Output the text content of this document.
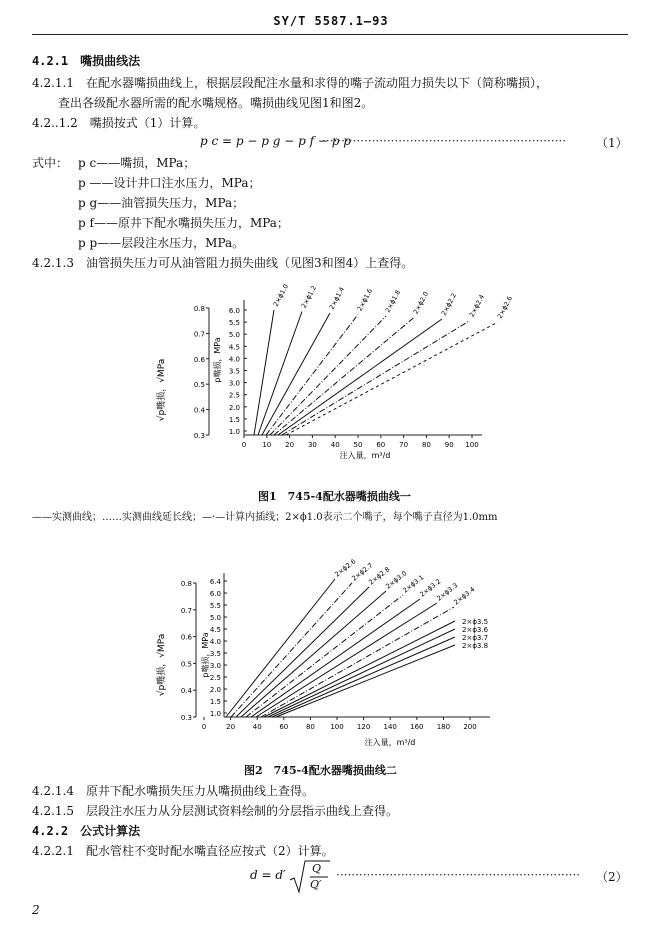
SY/T 5587.1—93
4.2.1　嘴损曲线法
4.2.1.1　在配水器嘴损曲线上，根据层段配注水量和求得的嘴子流动阻力损失以下（简称嘴损），
查出各级配水器所需的配水嘴规格。嘴损曲线见图1和图2。
4.2..1.2　嘴损按式（1）计算。
p c = p − p g − p f − p p
································································	（1）
式中： p c——嘴损，MPa；
p ——设计井口注水压力，MPa；
p g——油管损失压力，MPa；
p f——原井下配水嘴损失压力，MPa；
p p——层段注水压力，MPa。
4.2.1.3　油管损失压力可从油管阻力损失曲线（见图3和图4）上查得。
√p嘴损，√MPa	p嘴损，MPa
注入量，m³/d
0 10 20 30 40 50 60 70 80 90 100
0.3
0.4
0.5
0.6
0.7
0.8
1.0
1.5
2.0
2.5
3.0
3.5
4.0
4.5
5.0
5.5
6.0
2×ϕ1.0 2×ϕ1.2 2×ϕ1.4 2×ϕ1.6 2×ϕ1.8 2×ϕ2.0 2×ϕ2.2 2×ϕ2.4 2×ϕ2.6
图1　745-4配水器嘴损曲线一
——实测曲线；……实测曲线延长线；—·—计算内插线；2×ϕ1.0表示二个嘴子，每个嘴子直径为1.0mm
√p嘴损，√MPa	p嘴损，MPa
注入量，m³/d
0	20	40	60	80 100 120 140 160 180 200
0.3
0.4
0.5
0.6
0.7
0.8
1.0
1.5
2.0
2.5
3.0
3.5
4.0
4.5
5.0
5.5
6.0
6.4
2×ϕ2.6
2×ϕ2.7
2×ϕ2.8
2×ϕ3.0
2×ϕ3.1
2×ϕ3.2
2×ϕ3.3
2×ϕ3.4
2×ϕ3.5
2×ϕ3.6
2×ϕ3.7
2×ϕ3.8
图2　745-4配水器嘴损曲线二
4.2.1.4　原井下配水嘴损失压力从嘴损曲线上查得。
4.2.1.5　层段注水压力从分层测试资料绘制的分层指示曲线上查得。
4.2.2　公式计算法
4.2.2.1　配水管柱不变时配水嘴直径应按式（2）计算。
d = d′ Q
Q′
································································	（2）
2
